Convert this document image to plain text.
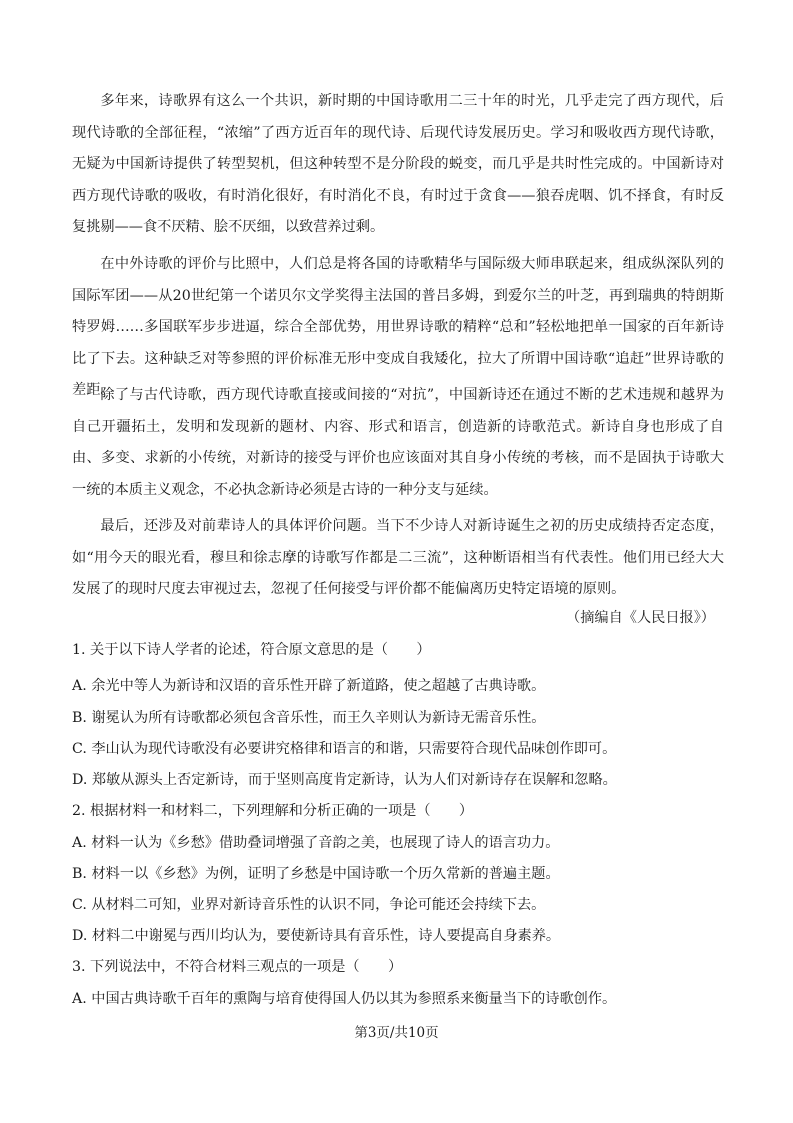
多年来，诗歌界有这么一个共识，新时期的中国诗歌用二三十年的时光，几乎走完了西方现代，后现代诗歌的全部征程，“浓缩”了西方近百年的现代诗、后现代诗发展历史。学习和吸收西方现代诗歌，无疑为中国新诗提供了转型契机，但这种转型不是分阶段的蜕变，而几乎是共时性完成的。中国新诗对西方现代诗歌的吸收，有时消化很好，有时消化不良，有时过于贪食——狼吞虎咽、饥不择食，有时反复挑剔——食不厌精、脍不厌细，以致营养过剩。

在中外诗歌的评价与比照中，人们总是将各国的诗歌精华与国际级大师串联起来，组成纵深队列的国际军团——从20世纪第一个诺贝尔文学奖得主法国的普吕多姆，到爱尔兰的叶芝，再到瑞典的特朗斯特罗姆……多国联军步步进逼，综合全部优势，用世界诗歌的精粹“总和”轻松地把单一国家的百年新诗比了下去。这种缺乏对等参照的评价标准无形中变成自我矮化，拉大了所谓中国诗歌“追赶”世界诗歌的差距。

除了与古代诗歌，西方现代诗歌直接或间接的“对抗”，中国新诗还在通过不断的艺术违规和越界为自己开疆拓土，发明和发现新的题材、内容、形式和语言，创造新的诗歌范式。新诗自身也形成了自由、多变、求新的小传统，对新诗的接受与评价也应该面对其自身小传统的考核，而不是固执于诗歌大一统的本质主义观念，不必执念新诗必须是古诗的一种分支与延续。

最后，还涉及对前辈诗人的具体评价问题。当下不少诗人对新诗诞生之初的历史成绩持否定态度，如“用今天的眼光看，穆旦和徐志摩的诗歌写作都是二三流”，这种断语相当有代表性。他们用已经大大发展了的现时尺度去审视过去，忽视了任何接受与评价都不能偏离历史特定语境的原则。

（摘编自《人民日报》）

1. 关于以下诗人学者的论述，符合原文意思的是（　　）

A. 余光中等人为新诗和汉语的音乐性开辟了新道路，使之超越了古典诗歌。

B. 谢冕认为所有诗歌都必须包含音乐性，而王久辛则认为新诗无需音乐性。

C. 李山认为现代诗歌没有必要讲究格律和语言的和谐，只需要符合现代品味创作即可。

D. 郑敏从源头上否定新诗，而于坚则高度肯定新诗，认为人们对新诗存在误解和忽略。

2. 根据材料一和材料二，下列理解和分析正确的一项是（　　）

A. 材料一认为《乡愁》借助叠词增强了音韵之美，也展现了诗人的语言功力。

B. 材料一以《乡愁》为例，证明了乡愁是中国诗歌一个历久常新的普遍主题。

C. 从材料二可知，业界对新诗音乐性的认识不同，争论可能还会持续下去。

D. 材料二中谢冕与西川均认为，要使新诗具有音乐性，诗人要提高自身素养。

3. 下列说法中，不符合材料三观点的一项是（　　）

A. 中国古典诗歌千百年的熏陶与培育使得国人仍以其为参照系来衡量当下的诗歌创作。

第3页/共10页
